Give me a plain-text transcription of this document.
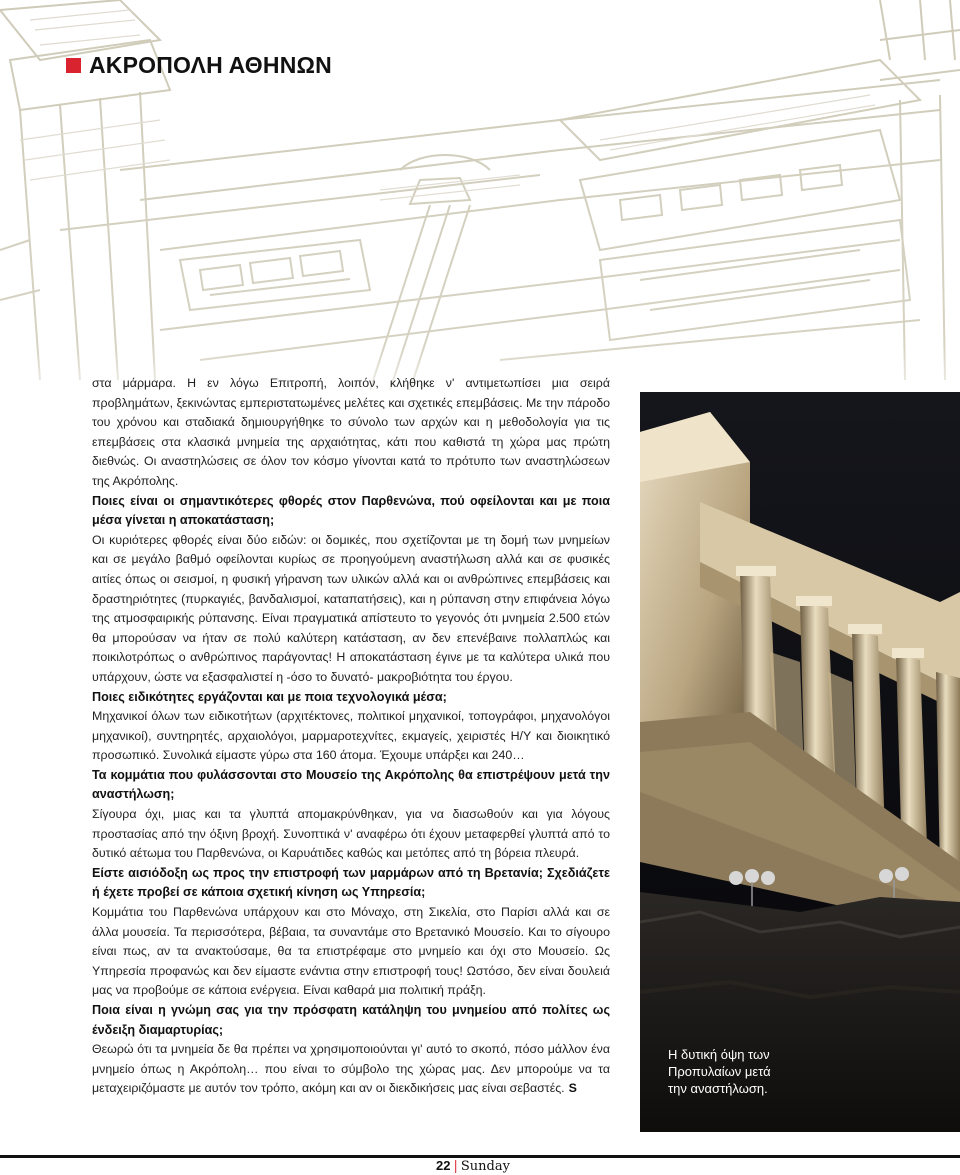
ΑΚΡΟΠΟΛΗ ΑΘΗΝΩΝ
Η δυτική όψη των Προπυλαίων μετά την αναστήλωση.

στα μάρμαρα. Η εν λόγω Επιτροπή, λοιπόν, κλήθηκε ν' αντιμετωπίσει μια σειρά προβλημάτων, ξεκινώντας εμπεριστατωμένες μελέτες και σχετικές επεμβάσεις. Με την πάροδο του χρόνου και σταδιακά δημιουργήθηκε το σύνολο των αρχών και η μεθοδολογία για τις επεμβάσεις στα κλασικά μνημεία της αρχαιότητας, κάτι που καθιστά τη χώρα μας πρώτη διεθνώς. Οι αναστηλώσεις σε όλον τον κόσμο γίνονται κατά το πρότυπο των αναστηλώσεων της Ακρόπολης.

Ποιες είναι οι σημαντικότερες φθορές στον Παρθενώνα, πού οφείλονται και με ποια μέσα γίνεται η αποκατάσταση;

Οι κυριότερες φθορές είναι δύο ειδών: οι δομικές, που σχετίζονται με τη δομή των μνημείων και σε μεγάλο βαθμό οφείλονται κυρίως σε προηγούμενη αναστήλωση αλλά και σε φυσικές αιτίες όπως οι σεισμοί, η φυσική γήρανση των υλικών αλλά και οι ανθρώπινες επεμβάσεις και δραστηριότητες (πυρκαγιές, βανδαλισμοί, καταπατήσεις), και η ρύπανση στην επιφάνεια λόγω της ατμοσφαιρικής ρύπανσης. Είναι πραγματικά απίστευτο το γεγονός ότι μνημεία 2.500 ετών θα μπορούσαν να ήταν σε πολύ καλύτερη κατάσταση, αν δεν επενέβαινε πολλαπλώς και ποικιλοτρόπως ο ανθρώπινος παράγοντας! Η αποκατάσταση έγινε με τα καλύτερα υλικά που υπάρχουν, ώστε να εξασφαλιστεί η -όσο το δυνατό- μακροβιότητα του έργου.

Ποιες ειδικότητες εργάζονται και με ποια τεχνολογικά μέσα;

Μηχανικοί όλων των ειδικοτήτων (αρχιτέκτονες, πολιτικοί μηχανικοί, τοπογράφοι, μηχανολόγοι μηχανικοί), συντηρητές, αρχαιολόγοι, μαρμαροτεχνίτες, εκμαγείς, χειριστές Η/Υ και διοικητικό προσωπικό. Συνολικά είμαστε γύρω στα 160 άτομα. Έχουμε υπάρξει και 240…

Τα κομμάτια που φυλάσσονται στο Μουσείο της Ακρόπολης θα επιστρέψουν μετά την αναστήλωση;

Σίγουρα όχι, μιας και τα γλυπτά απομακρύνθηκαν, για να διασωθούν και για λόγους προστασίας από την όξινη βροχή. Συνοπτικά ν' αναφέρω ότι έχουν μεταφερθεί γλυπτά από το δυτικό αέτωμα του Παρθενώνα, οι Καρυάτιδες καθώς και μετόπες από τη βόρεια πλευρά.

Είστε αισιόδοξη ως προς την επιστροφή των μαρμάρων από τη Βρετανία; Σχεδιάζετε ή έχετε προβεί σε κάποια σχετική κίνηση ως Υπηρεσία;

Κομμάτια του Παρθενώνα υπάρχουν και στο Μόναχο, στη Σικελία, στο Παρίσι αλλά και σε άλλα μουσεία. Τα περισσότερα, βέβαια, τα συναντάμε στο Βρετανικό Μουσείο. Και το σίγουρο είναι πως, αν τα ανακτούσαμε, θα τα επιστρέφαμε στο μνημείο και όχι στο Μουσείο. Ως Υπηρεσία προφανώς και δεν είμαστε ενάντια στην επιστροφή τους! Ωστόσο, δεν είναι δουλειά μας να προβούμε σε κάποια ενέργεια. Είναι καθαρά μια πολιτική πράξη.

Ποια είναι η γνώμη σας για την πρόσφατη κατάληψη του μνημείου από πολίτες ως ένδειξη διαμαρτυρίας;

Θεωρώ ότι τα μνημεία δε θα πρέπει να χρησιμοποιούνται γι' αυτό το σκοπό, πόσο μάλλον ένα μνημείο όπως η Ακρόπολη… που είναι το σύμβολο της χώρας μας. Δεν μπορούμε να τα μεταχειριζόμαστε με αυτόν τον τρόπο, ακόμη και αν οι διεκδικήσεις μας είναι σεβαστές. S

22 | Sunday
